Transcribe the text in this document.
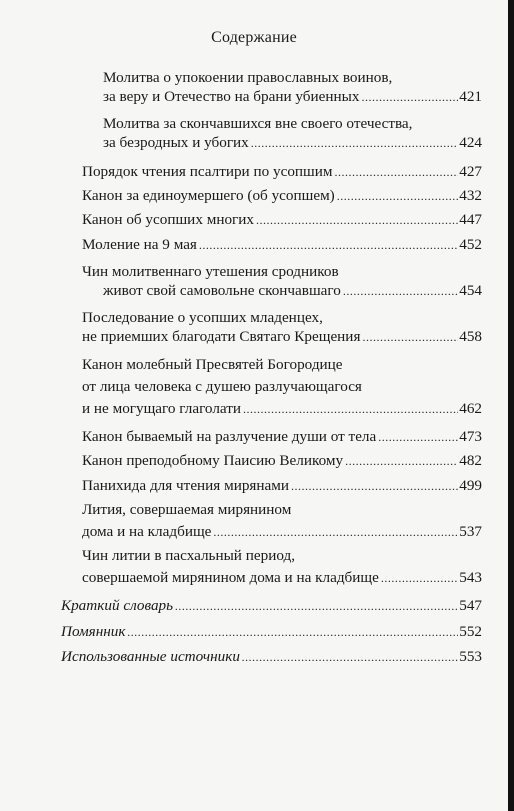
Содержание
Молитва о упокоении православных воинов,
за веру и Отечество на брани убиенных .....	421
Молитва за скончавшихся вне своего отечества,
за безродных и убогих .....	424
Порядок чтения псалтири по усопшим .....	427
Канон за единоумершего (об усопшем) .....	432
Канон об усопших многих .....	447
Моление на 9 мая .....	452
Чин молитвеннаго утешения сродников
живот свой самовольне скончавшаго .....	454
Последование о усопших младенцех,
не приемших благодати Святаго Крещения .....	458
Канон молебный Пресвятей Богородице
от лица человека с душею разлучающагося
и не могущаго глаголати .....	462
Канон бываемый на разлучение души от тела .....	473
Канон преподобному Паисию Великому .....	482
Панихида для чтения мирянами .....	499
Лития, совершаемая мирянином
дома и на кладбище .....	537
Чин литии в пасхальный период,
совершаемой мирянином дома и на кладбище .....	543
Краткий словарь .....	547
Помянник .....	552
Использованные источники .....	553
